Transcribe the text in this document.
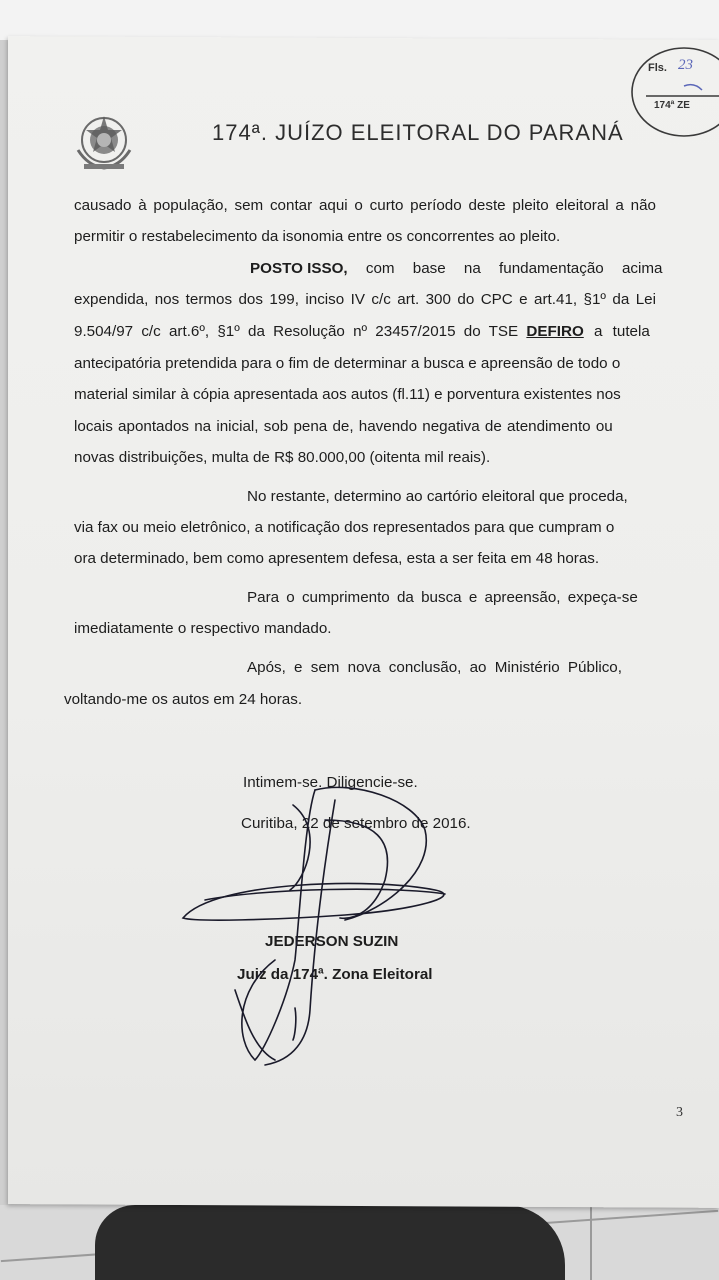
174ª. JUÍZO ELEITORAL DO PARANÁ
Fls. 23
174ª ZE
causado à população, sem contar aqui o curto período deste pleito eleitoral a não
permitir o restabelecimento da isonomia entre os concorrentes ao pleito.
POSTO ISSO, com base na fundamentação acima
expendida, nos termos dos 199, inciso IV c/c art. 300 do CPC e art.41, §1º da Lei
9.504/97 c/c art.6º, §1º da Resolução nº 23457/2015 do TSE DEFIRO a tutela
antecipatória pretendida para o fim de determinar a busca e apreensão de todo o
material similar à cópia apresentada aos autos (fl.11) e porventura existentes nos
locais apontados na inicial, sob pena de, havendo negativa de atendimento ou
novas distribuições, multa de R$ 80.000,00 (oitenta mil reais).
No restante, determino ao cartório eleitoral que proceda,
via fax ou meio eletrônico, a notificação dos representados para que cumpram o
ora determinado, bem como apresentem defesa, esta a ser feita em 48 horas.
Para o cumprimento da busca e apreensão, expeça-se
imediatamente o respectivo mandado.
Após, e sem nova conclusão, ao Ministério Público,
voltando-me os autos em 24 horas.
Intimem-se. Diligencie-se.
Curitiba, 22 de setembro de 2016.
JEDERSON SUZIN
Juiz da 174ª. Zona Eleitoral
3
